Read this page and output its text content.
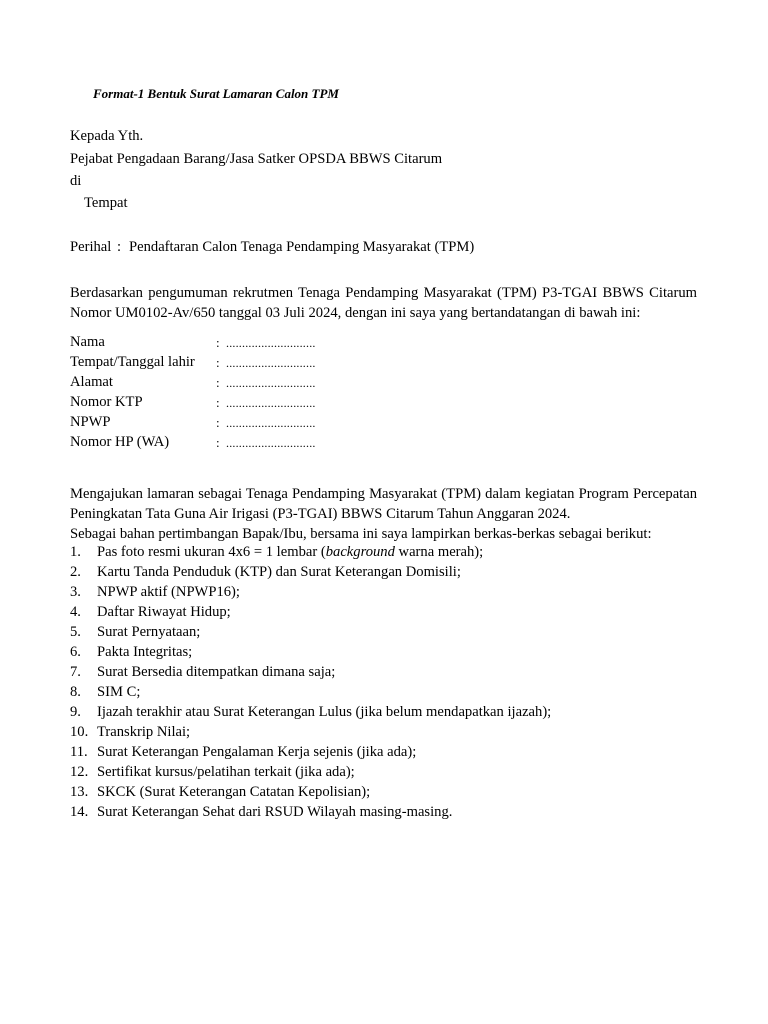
Format-1 Bentuk Surat Lamaran Calon TPM
Kepada Yth.
Pejabat Pengadaan Barang/Jasa Satker OPSDA BBWS Citarum
di
Tempat
Perihal : Pendaftaran Calon Tenaga Pendamping Masyarakat (TPM)
Berdasarkan pengumuman rekrutmen Tenaga Pendamping Masyarakat (TPM) P3-TGAI BBWS Citarum
Nomor UM0102-Av/650 tanggal 03 Juli 2024, dengan ini saya yang bertandatangan di bawah ini:
Nama	: ............................
Tempat/Tanggal lahir : ............................
Alamat	: ............................
Nomor KTP	: ............................
NPWP	: ............................
Nomor HP (WA)	: ............................
Mengajukan lamaran sebagai Tenaga Pendamping Masyarakat (TPM) dalam kegiatan Program Percepatan
Peningkatan Tata Guna Air Irigasi (P3-TGAI) BBWS Citarum Tahun Anggaran 2024.
Sebagai bahan pertimbangan Bapak/Ibu, bersama ini saya lampirkan berkas-berkas sebagai berikut:
1. Pas foto resmi ukuran 4x6 = 1 lembar (background warna merah);
2. Kartu Tanda Penduduk (KTP) dan Surat Keterangan Domisili;
3. NPWP aktif (NPWP16);
4. Daftar Riwayat Hidup;
5. Surat Pernyataan;
6. Pakta Integritas;
7. Surat Bersedia ditempatkan dimana saja;
8. SIM C;
9. Ijazah terakhir atau Surat Keterangan Lulus (jika belum mendapatkan ijazah);
10. Transkrip Nilai;
11. Surat Keterangan Pengalaman Kerja sejenis (jika ada);
12. Sertifikat kursus/pelatihan terkait (jika ada);
13. SKCK (Surat Keterangan Catatan Kepolisian);
14. Surat Keterangan Sehat dari RSUD Wilayah masing-masing.
